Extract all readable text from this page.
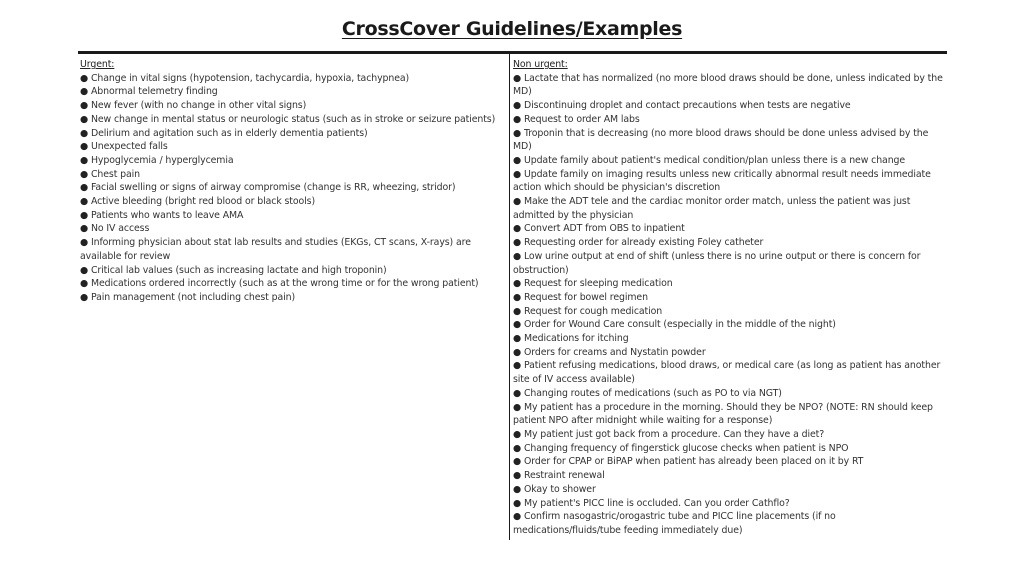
CrossCover Guidelines/Examples
Urgent:
● Change in vital signs (hypotension, tachycardia, hypoxia, tachypnea)
● Abnormal telemetry finding
● New fever (with no change in other vital signs)
● New change in mental status or neurologic status (such as in stroke or seizure patients)
● Delirium and agitation such as in elderly dementia patients)
● Unexpected falls
● Hypoglycemia / hyperglycemia
● Chest pain
● Facial swelling or signs of airway compromise (change is RR, wheezing, stridor)
● Active bleeding (bright red blood or black stools)
● Patients who wants to leave AMA
● No IV access
● Informing physician about stat lab results and studies (EKGs, CT scans, X-rays) are available for review
● Critical lab values (such as increasing lactate and high troponin)
● Medications ordered incorrectly (such as at the wrong time or for the wrong patient)
● Pain management (not including chest pain)
Non urgent:
● Lactate that has normalized (no more blood draws should be done, unless indicated by the MD)
● Discontinuing droplet and contact precautions when tests are negative
● Request to order AM labs
● Troponin that is decreasing (no more blood draws should be done unless advised by the MD)
● Update family about patient's medical condition/plan unless there is a new change
● Update family on imaging results unless new critically abnormal result needs immediate action which should be physician's discretion
● Make the ADT tele and the cardiac monitor order match, unless the patient was just admitted by the physician
● Convert ADT from OBS to inpatient
● Requesting order for already existing Foley catheter
● Low urine output at end of shift (unless there is no urine output or there is concern for obstruction)
● Request for sleeping medication
● Request for bowel regimen
● Request for cough medication
● Order for Wound Care consult (especially in the middle of the night)
● Medications for itching
● Orders for creams and Nystatin powder
● Patient refusing medications, blood draws, or medical care (as long as patient has another site of IV access available)
● Changing routes of medications (such as PO to via NGT)
● My patient has a procedure in the morning. Should they be NPO? (NOTE: RN should keep patient NPO after midnight while waiting for a response)
● My patient just got back from a procedure. Can they have a diet?
● Changing frequency of fingerstick glucose checks when patient is NPO
● Order for CPAP or BiPAP when patient has already been placed on it by RT
● Restraint renewal
● Okay to shower
● My patient's PICC line is occluded. Can you order Cathflo?
● Confirm nasogastric/orogastric tube and PICC line placements (if no medications/fluids/tube feeding immediately due)
